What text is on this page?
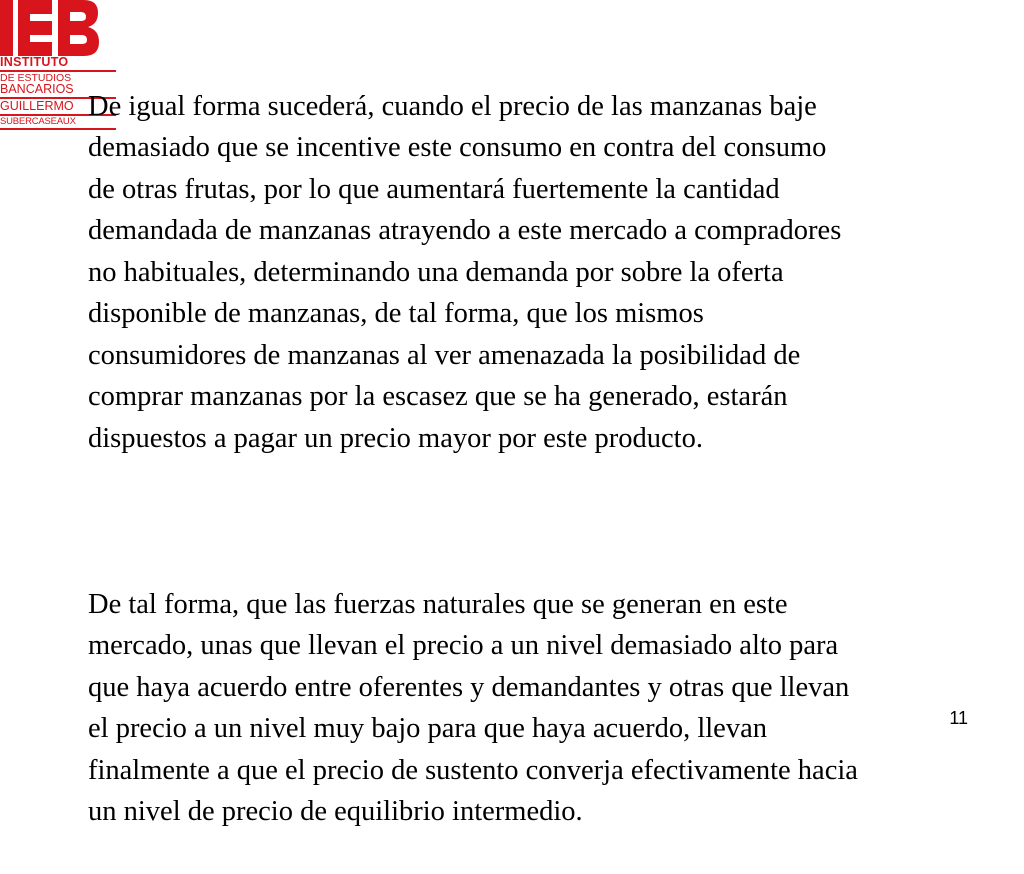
INSTITUTO
DE ESTUDIOS
BANCARIOS
GUILLERMO
SUBERCASEAUX De igual forma sucederá, cuando el precio de las manzanas baje
demasiado que se incentive este consumo en contra del consumo
de otras frutas, por lo que aumentará fuertemente la cantidad
demandada de manzanas atrayendo a este mercado a compradores
no habituales, determinando una demanda por sobre la oferta
disponible de manzanas, de tal forma, que los mismos
consumidores de manzanas al ver amenazada la posibilidad de
comprar manzanas por la escasez que se ha generado, estarán
dispuestos a pagar un precio mayor por este producto.

De tal forma, que las fuerzas naturales que se generan en este
mercado, unas que llevan el precio a un nivel demasiado alto para
que haya acuerdo entre oferentes y demandantes y otras que llevan
el precio a un nivel muy bajo para que haya acuerdo, llevan
finalmente a que el precio de sustento converja efectivamente hacia
un nivel de precio de equilibrio intermedio.

11
